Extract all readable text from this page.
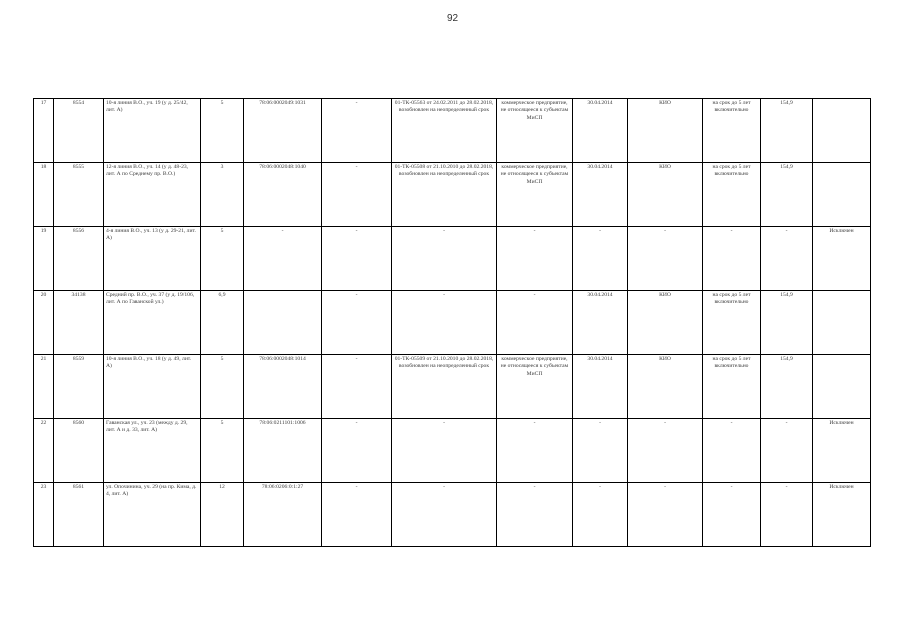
92
17	8554	10-я линия В.О., уч. 19 (у д. 25/42, лит. А)	5	78:06:0002049:1031	-	01-ТК-05563 от 24.02.2011 до 28.02.2018, возобновлен на неопределенный срок	коммерческое предприятие, не относящееся к субъектам МиСП	30.04.2014	КИО	на срок до 5 лет включительно	154,9	
18	8555	12-я линия В.О., уч. 14 (у д. 48-23, лит. А по Среднему пр. В.О.)	3	78:06:0002048:1040	-	01-ТК-05508 от 21.10.2010 до 28.02.2018, возобновлен на неопределенный срок	коммерческое предприятие, не относящееся к субъектам МиСП	30.04.2014	КИО	на срок до 5 лет включительно	154,9	
19	8556	4-я линия В.О., уч. 13 (у д. 29-21, лит. А)	5	-	-	-	-	-	-	-	-	Исключен
20	34138	Средний пр. В.О., уч. 37 (у д. 19/106, лит. А по Гаванской ул.)	6,9		-	-	-	30.04.2014	КИО	на срок до 5 лет включительно	154,9	
21	8559	10-я линия В.О., уч. 18 (у д. 49, лит. А)	5	78:06:0002048:1014	-	01-ТК-05509 от 21.10.2010 до 28.02.2018, возобновлен на неопределенный срок	коммерческое предприятие, не относящееся к субъектам МиСП	30.04.2014	КИО	на срок до 5 лет включительно	154,9	
22	8560	Гаванская ул., уч. 23 (между д. 29, лит. А и д. 33, лит. А)	5	78:06:0211101:1006	-	-	-	-	-	-	-	Исключен
23	8561	ул. Опочинина, уч. 29 (на пр. Кима, д. 4, лит. А)	12	78:06:0206:0:1:27	-	-	-	-	-	-	-	Исключен
